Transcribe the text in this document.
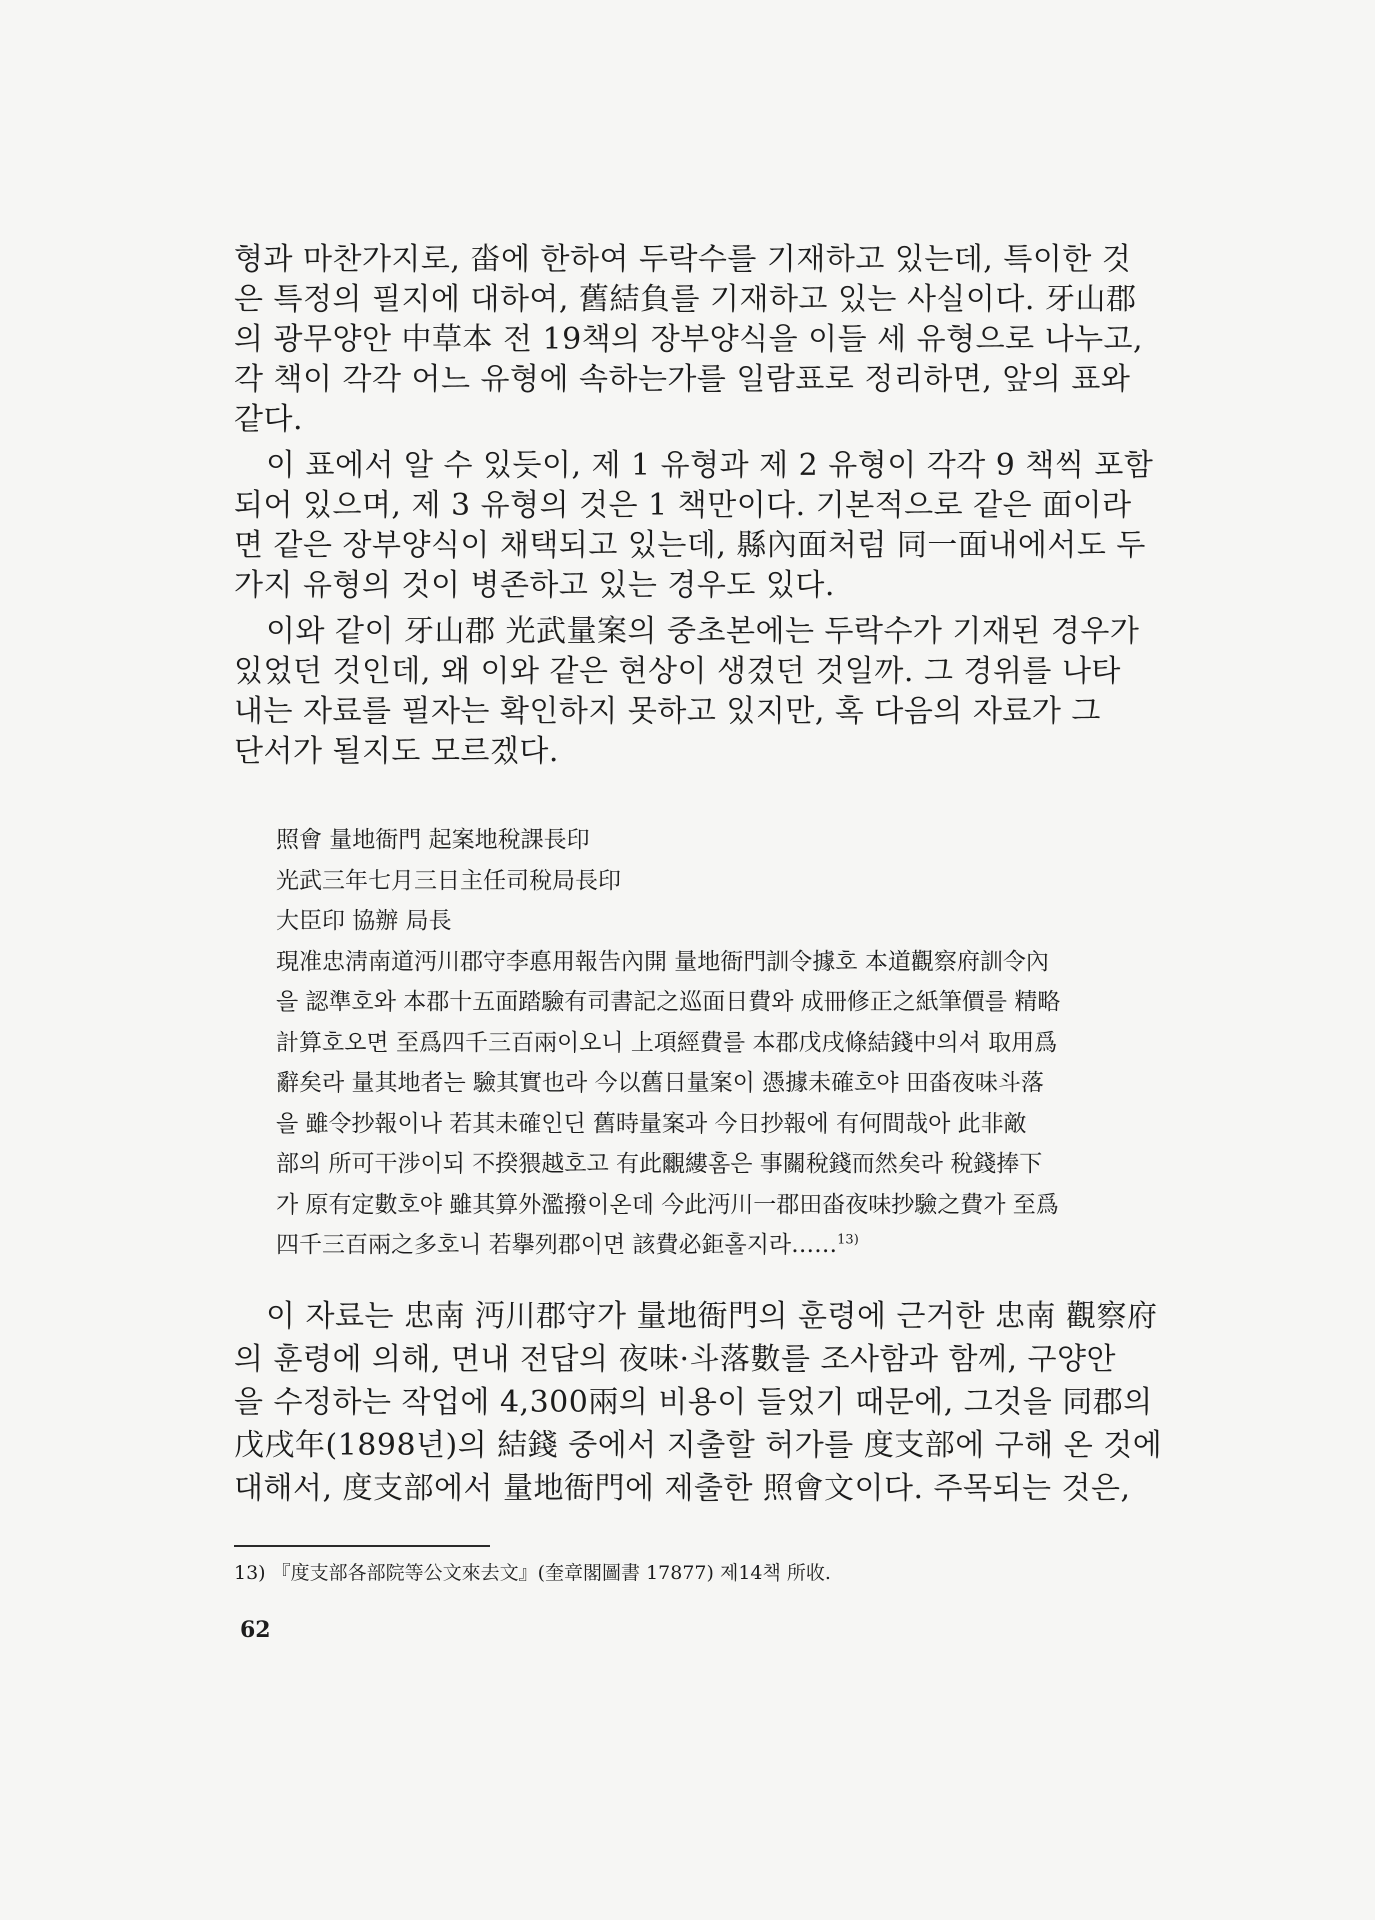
형과 마찬가지로, 畓에 한하여 두락수를 기재하고 있는데, 특이한 것
은 특정의 필지에 대하여, 舊結負를 기재하고 있는 사실이다. 牙山郡
의 광무양안 中草本 전 19책의 장부양식을 이들 세 유형으로 나누고,
각 책이 각각 어느 유형에 속하는가를 일람표로 정리하면, 앞의 표와
같다.
이 표에서 알 수 있듯이, 제 1 유형과 제 2 유형이 각각 9 책씩 포함
되어 있으며, 제 3 유형의 것은 1 책만이다. 기본적으로 같은 面이라
면 같은 장부양식이 채택되고 있는데, 縣內面처럼 同一面내에서도 두
가지 유형의 것이 병존하고 있는 경우도 있다.
이와 같이 牙山郡 光武量案의 중초본에는 두락수가 기재된 경우가
있었던 것인데, 왜 이와 같은 현상이 생겼던 것일까. 그 경위를 나타
내는 자료를 필자는 확인하지 못하고 있지만, 혹 다음의 자료가 그
단서가 될지도 모르겠다.
照會 量地衙門 起案地稅課長印
光武三年七月三日主任司稅局長印
大臣印 協辦 局長
現准忠淸南道沔川郡守李悳用報告內開 量地衙門訓令據호 本道觀察府訓令內
을 認準호와 本郡十五面踏驗有司書記之巡面日費와 成冊修正之紙筆價를 精略
計算호오면 至爲四千三百兩이오니 上項經費를 本郡戊戌條結錢中의셔 取用爲
辭矣라 量其地者는 驗其實也라 今以舊日量案이 憑據未確호야 田畓夜味斗落
을 雖令抄報이나 若其未確인딘 舊時量案과 今日抄報에 有何間哉아 此非敵
部의 所可干涉이되 不揆猥越호고 有此覼縷홈은 事關稅錢而然矣라 稅錢捧下
가 原有定數호야 雖其算外濫撥이온데 今此沔川一郡田畓夜味抄驗之費가 至爲
四千三百兩之多호니 若擧列郡이면 該費必鉅홀지라……$^{13)}$
이 자료는 忠南 沔川郡守가 量地衙門의 훈령에 근거한 忠南 觀察府
의 훈령에 의해, 면내 전답의 夜味·斗落數를 조사함과 함께, 구양안
을 수정하는 작업에 4,300兩의 비용이 들었기 때문에, 그것을 同郡의
戊戌年(1898년)의 結錢 중에서 지출할 허가를 度支部에 구해 온 것에
대해서, 度支部에서 量地衙門에 제출한 照會文이다. 주목되는 것은,
13) 『度支部各部院等公文來去文』(奎章閣圖書 17877) 제14책 所收.
62
